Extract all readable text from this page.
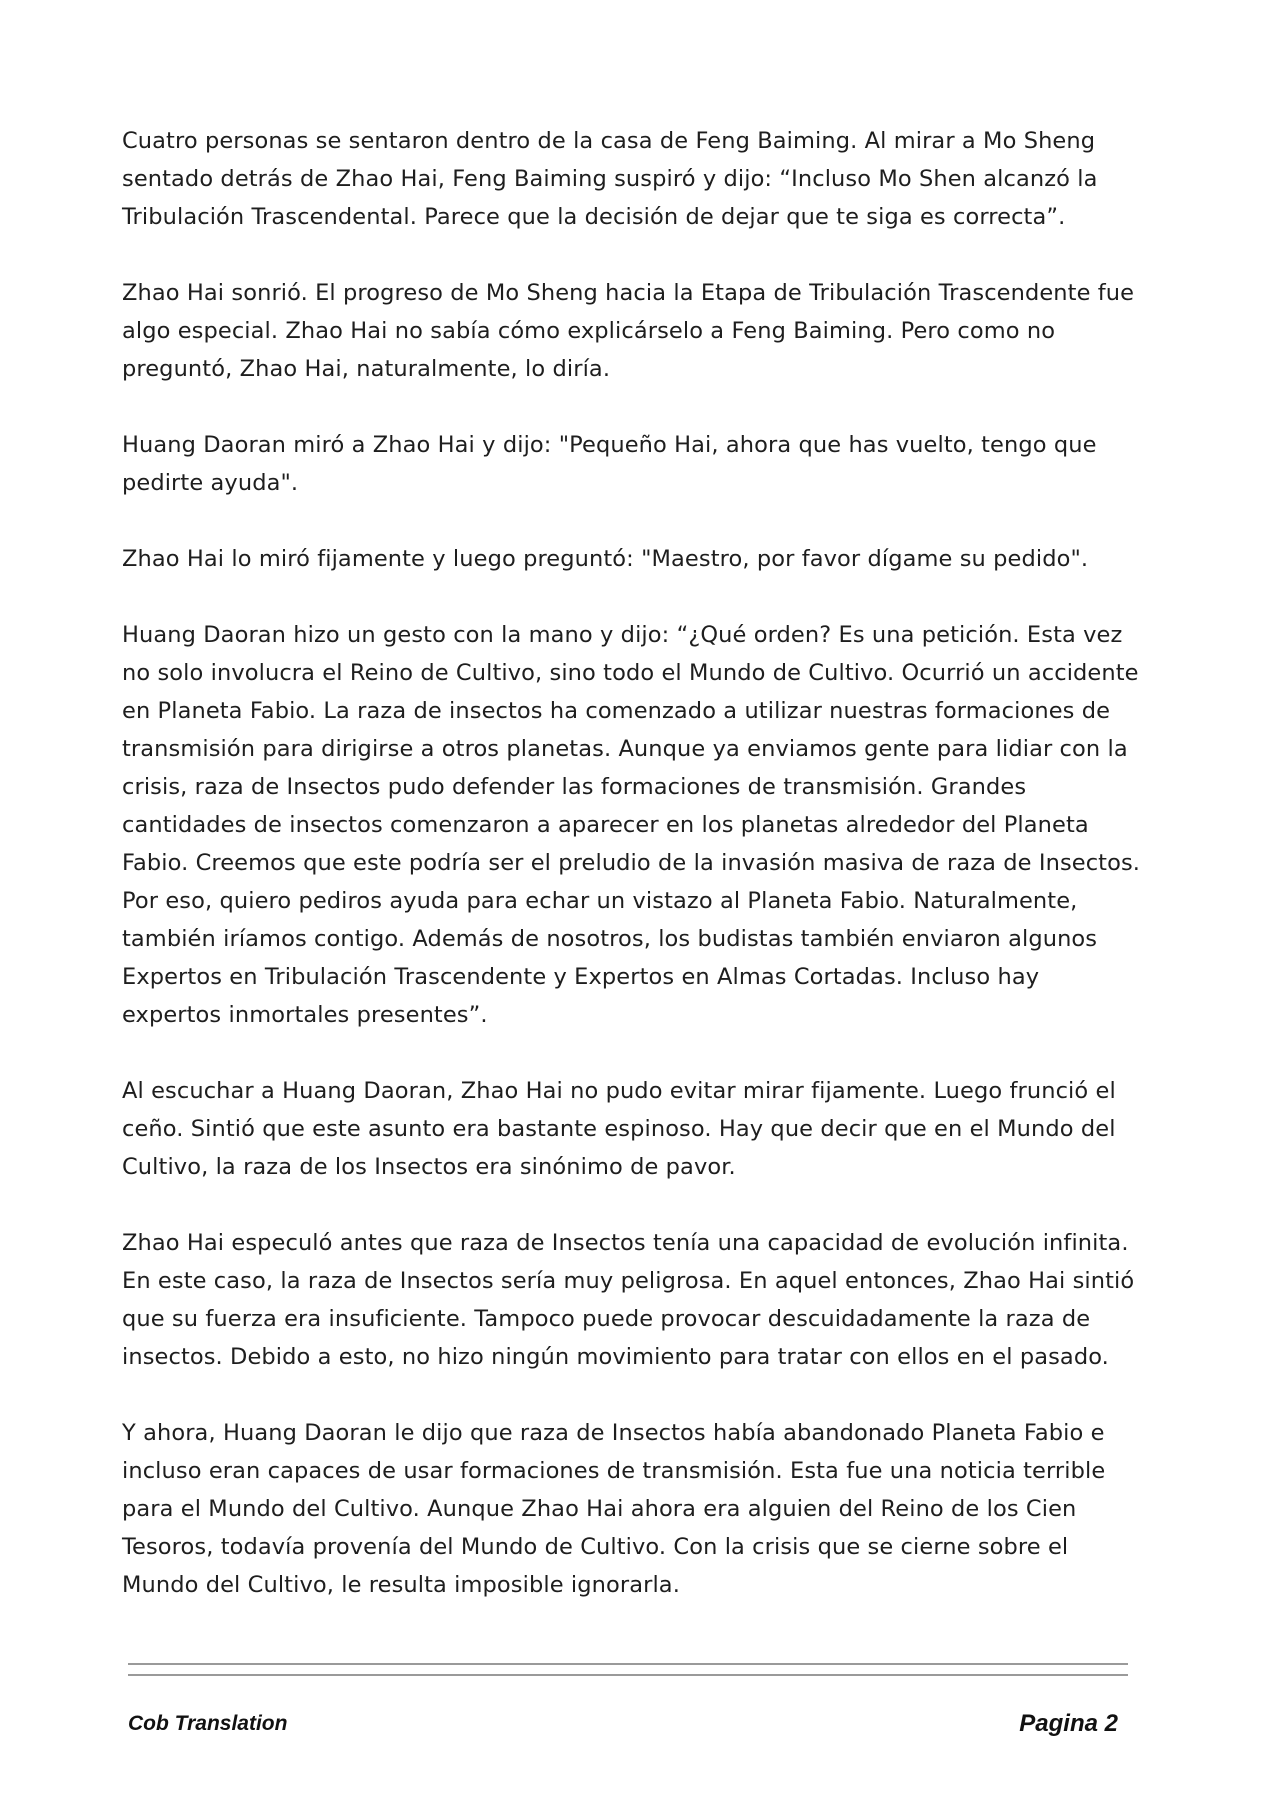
Cuatro personas se sentaron dentro de la casa de Feng Baiming. Al mirar a Mo Sheng sentado detrás de Zhao Hai, Feng Baiming suspiró y dijo: “Incluso Mo Shen alcanzó la Tribulación Trascendental. Parece que la decisión de dejar que te siga es correcta”.

Zhao Hai sonrió. El progreso de Mo Sheng hacia la Etapa de Tribulación Trascendente fue algo especial. Zhao Hai no sabía cómo explicárselo a Feng Baiming. Pero como no preguntó, Zhao Hai, naturalmente, lo diría.

Huang Daoran miró a Zhao Hai y dijo: "Pequeño Hai, ahora que has vuelto, tengo que pedirte ayuda".

Zhao Hai lo miró fijamente y luego preguntó: "Maestro, por favor dígame su pedido".

Huang Daoran hizo un gesto con la mano y dijo: “¿Qué orden? Es una petición. Esta vez no solo involucra el Reino de Cultivo, sino todo el Mundo de Cultivo. Ocurrió un accidente en Planeta Fabio. La raza de insectos ha comenzado a utilizar nuestras formaciones de transmisión para dirigirse a otros planetas. Aunque ya enviamos gente para lidiar con la crisis, raza de Insectos pudo defender las formaciones de transmisión. Grandes cantidades de insectos comenzaron a aparecer en los planetas alrededor del Planeta Fabio. Creemos que este podría ser el preludio de la invasión masiva de raza de Insectos. Por eso, quiero pediros ayuda para echar un vistazo al Planeta Fabio. Naturalmente, también iríamos contigo. Además de nosotros, los budistas también enviaron algunos Expertos en Tribulación Trascendente y Expertos en Almas Cortadas. Incluso hay expertos inmortales presentes”.

Al escuchar a Huang Daoran, Zhao Hai no pudo evitar mirar fijamente. Luego frunció el ceño. Sintió que este asunto era bastante espinoso. Hay que decir que en el Mundo del Cultivo, la raza de los Insectos era sinónimo de pavor.

Zhao Hai especuló antes que raza de Insectos tenía una capacidad de evolución infinita. En este caso, la raza de Insectos sería muy peligrosa. En aquel entonces, Zhao Hai sintió que su fuerza era insuficiente. Tampoco puede provocar descuidadamente la raza de insectos. Debido a esto, no hizo ningún movimiento para tratar con ellos en el pasado.

Y ahora, Huang Daoran le dijo que raza de Insectos había abandonado Planeta Fabio e incluso eran capaces de usar formaciones de transmisión. Esta fue una noticia terrible para el Mundo del Cultivo. Aunque Zhao Hai ahora era alguien del Reino de los Cien Tesoros, todavía provenía del Mundo de Cultivo. Con la crisis que se cierne sobre el Mundo del Cultivo, le resulta imposible ignorarla.

Cob Translation	Pagina 2
